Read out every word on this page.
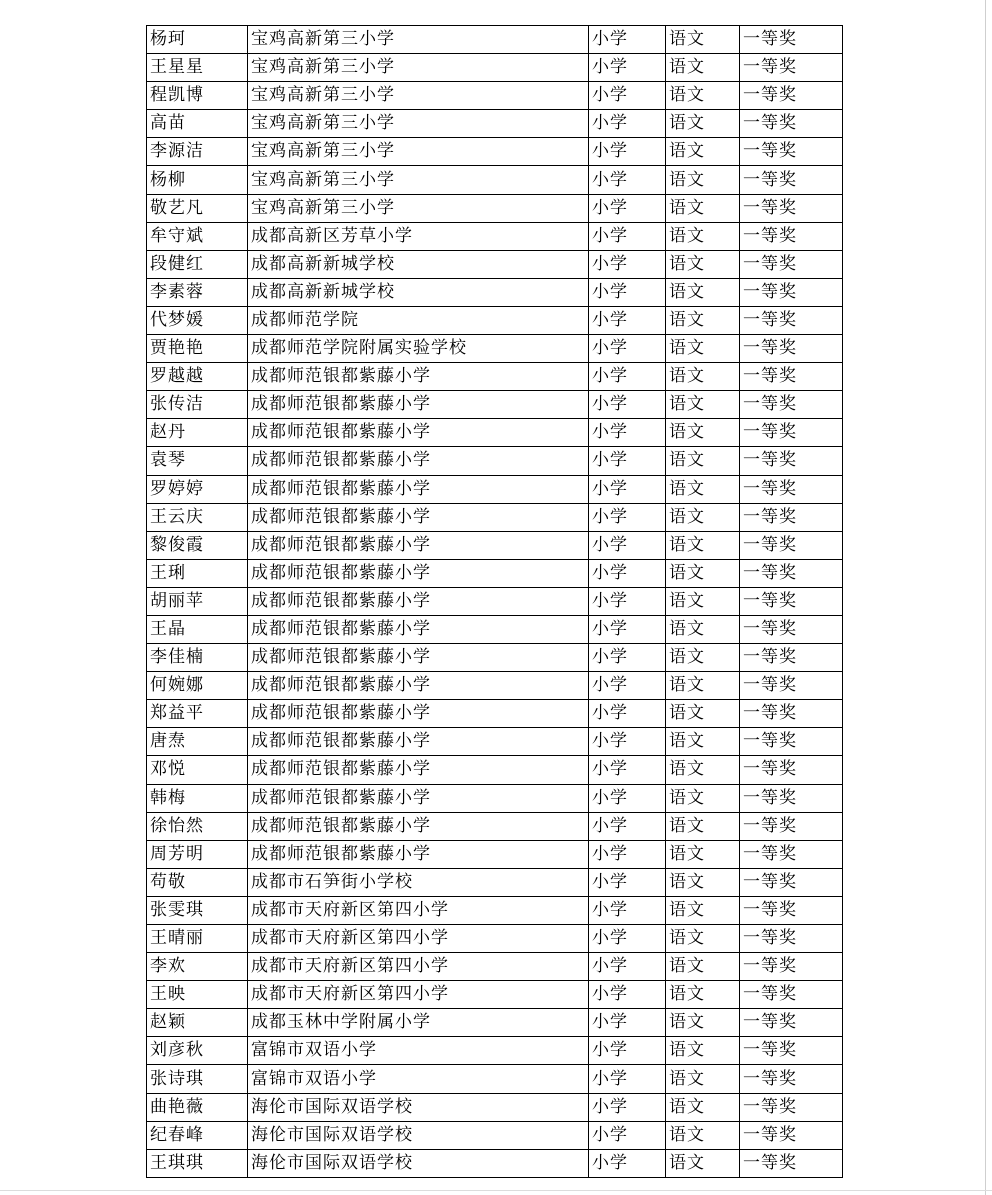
杨珂	宝鸡高新第三小学	小学	语文	一等奖
王星星	宝鸡高新第三小学	小学	语文	一等奖
程凯博	宝鸡高新第三小学	小学	语文	一等奖
高苗	宝鸡高新第三小学	小学	语文	一等奖
李源洁	宝鸡高新第三小学	小学	语文	一等奖
杨柳	宝鸡高新第三小学	小学	语文	一等奖
敬艺凡	宝鸡高新第三小学	小学	语文	一等奖
牟守斌	成都高新区芳草小学	小学	语文	一等奖
段健红	成都高新新城学校	小学	语文	一等奖
李素蓉	成都高新新城学校	小学	语文	一等奖
代梦媛	成都师范学院	小学	语文	一等奖
贾艳艳	成都师范学院附属实验学校	小学	语文	一等奖
罗越越	成都师范银都紫藤小学	小学	语文	一等奖
张传洁	成都师范银都紫藤小学	小学	语文	一等奖
赵丹	成都师范银都紫藤小学	小学	语文	一等奖
袁琴	成都师范银都紫藤小学	小学	语文	一等奖
罗婷婷	成都师范银都紫藤小学	小学	语文	一等奖
王云庆	成都师范银都紫藤小学	小学	语文	一等奖
黎俊霞	成都师范银都紫藤小学	小学	语文	一等奖
王琍	成都师范银都紫藤小学	小学	语文	一等奖
胡丽苹	成都师范银都紫藤小学	小学	语文	一等奖
王晶	成都师范银都紫藤小学	小学	语文	一等奖
李佳楠	成都师范银都紫藤小学	小学	语文	一等奖
何婉娜	成都师范银都紫藤小学	小学	语文	一等奖
郑益平	成都师范银都紫藤小学	小学	语文	一等奖
唐焘	成都师范银都紫藤小学	小学	语文	一等奖
邓悦	成都师范银都紫藤小学	小学	语文	一等奖
韩梅	成都师范银都紫藤小学	小学	语文	一等奖
徐怡然	成都师范银都紫藤小学	小学	语文	一等奖
周芳明	成都师范银都紫藤小学	小学	语文	一等奖
苟敬	成都市石笋街小学校	小学	语文	一等奖
张雯琪	成都市天府新区第四小学	小学	语文	一等奖
王晴丽	成都市天府新区第四小学	小学	语文	一等奖
李欢	成都市天府新区第四小学	小学	语文	一等奖
王映	成都市天府新区第四小学	小学	语文	一等奖
赵颖	成都玉林中学附属小学	小学	语文	一等奖
刘彦秋	富锦市双语小学	小学	语文	一等奖
张诗琪	富锦市双语小学	小学	语文	一等奖
曲艳薇	海伦市国际双语学校	小学	语文	一等奖
纪春峰	海伦市国际双语学校	小学	语文	一等奖
王琪琪	海伦市国际双语学校	小学	语文	一等奖
